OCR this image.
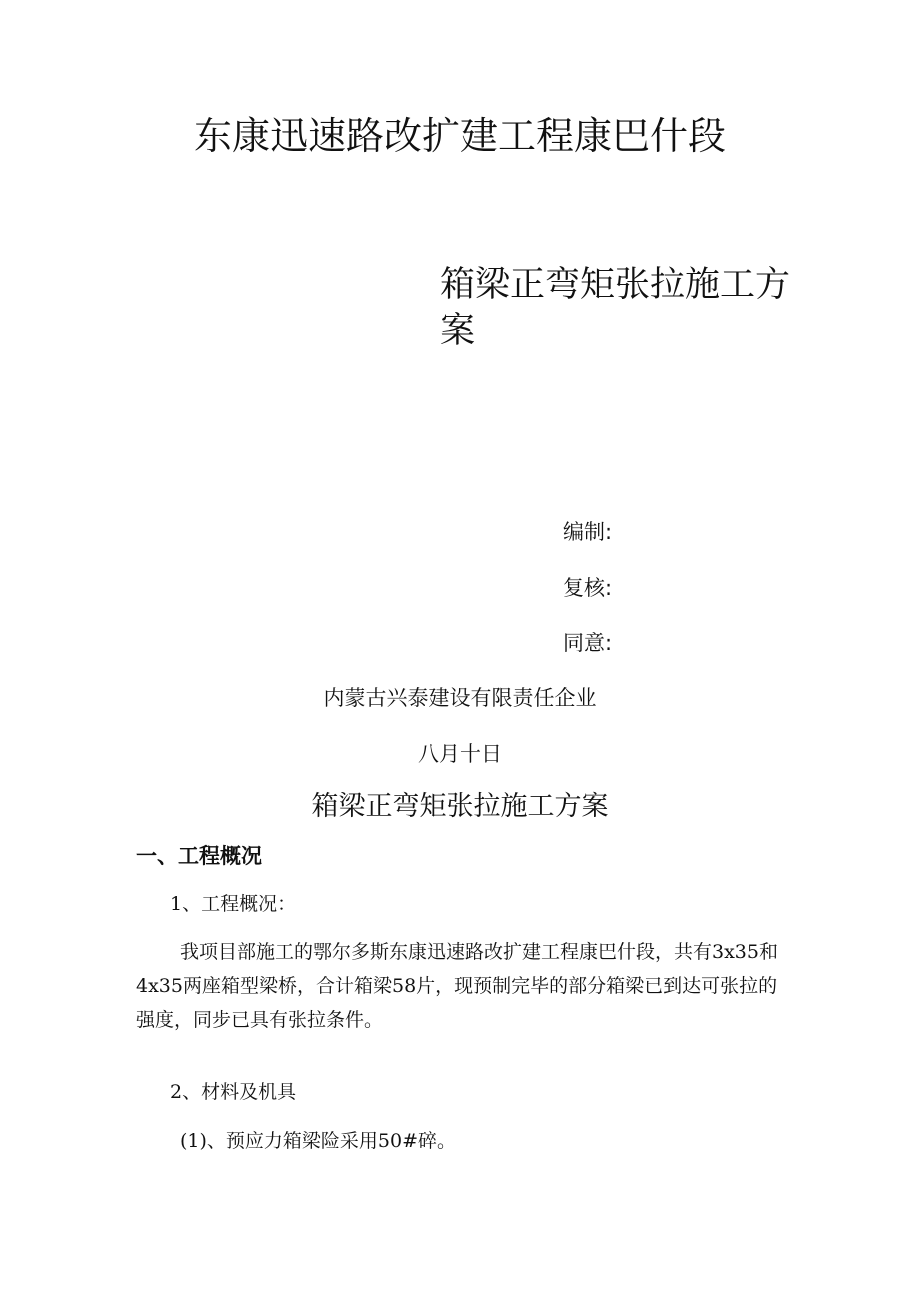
东康迅速路改扩建工程康巴什段
箱梁正弯矩张拉施工方案
编制:
复核:
同意:
内蒙古兴泰建设有限责任企业
八月十日
箱梁正弯矩张拉施工方案
一、工程概况
1、工程概况：

我项目部施工的鄂尔多斯东康迅速路改扩建工程康巴什段，共有3x35和4x35两座箱型梁桥，合计箱梁58片，现预制完毕的部分箱梁已到达可张拉的强度，同步已具有张拉条件。

2、材料及机具
(1)、预应力箱梁险采用50#碎。
